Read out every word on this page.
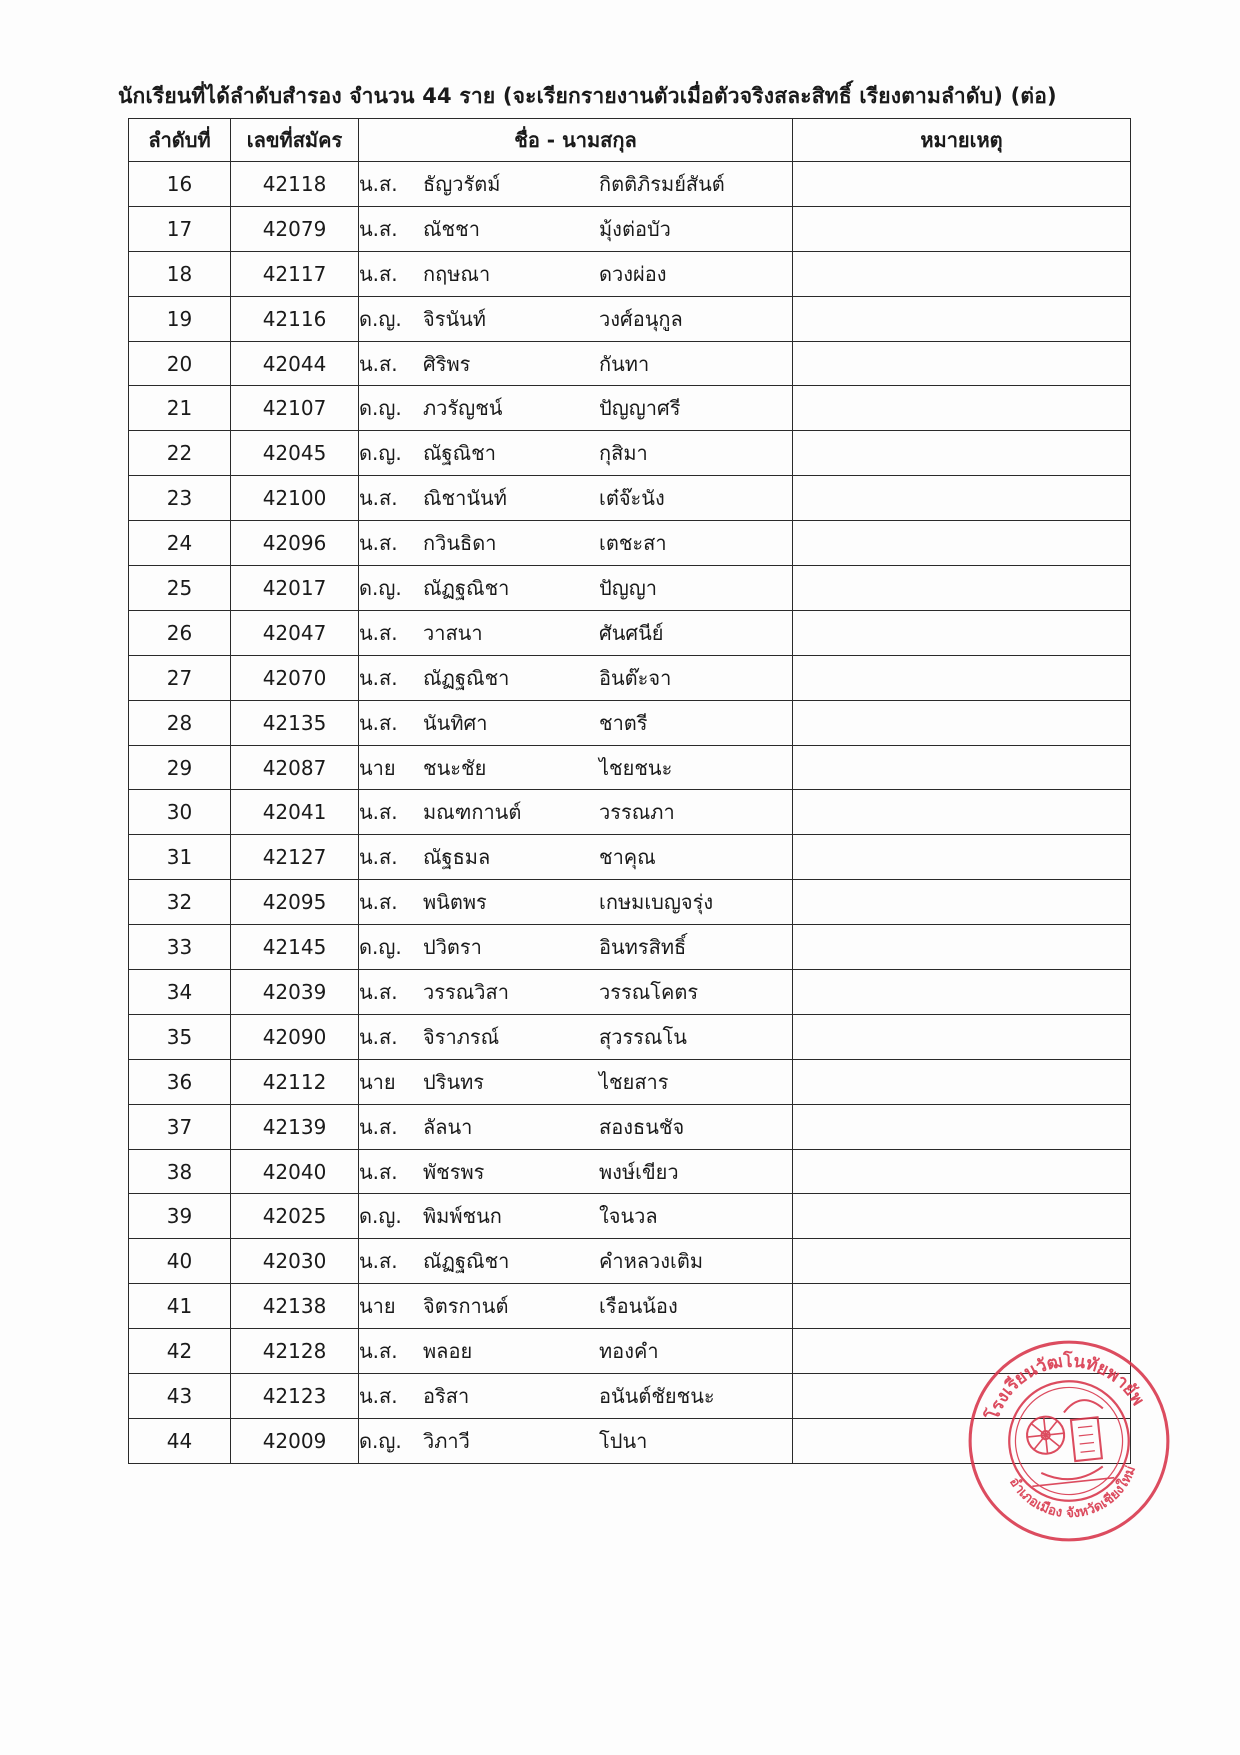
นักเรียนที่ได้ลำดับสำรอง จำนวน 44 ราย (จะเรียกรายงานตัวเมื่อตัวจริงสละสิทธิ์ เรียงตามลำดับ) (ต่อ)
ลำดับที่	เลขที่สมัคร	ชื่อ - นามสกุล	หมายเหตุ
16	42118	น.ส. ธัญวรัตม์ กิตติภิรมย์สันต์	
17	42079	น.ส. ณัชชา มุ้งต่อบัว	
18	42117	น.ส. กฤษณา ดวงผ่อง	
19	42116	ด.ญ. จิรนันท์ วงศ์อนุกูล	
20	42044	น.ส. ศิริพร กันทา	
21	42107	ด.ญ. ภวรัญชน์ ปัญญาศรี	
22	42045	ด.ญ. ณัฐณิชา กุสิมา	
23	42100	น.ส. ณิชานันท์ เต๋จ๊ะนัง	
24	42096	น.ส. กวินธิดา เตชะสา	
25	42017	ด.ญ. ณัฏฐณิชา ปัญญา	
26	42047	น.ส. วาสนา ศันศนีย์	
27	42070	น.ส. ณัฏฐณิชา อินต๊ะจา	
28	42135	น.ส. นันทิศา ชาตรี	
29	42087	นาย ชนะชัย ไชยชนะ	
30	42041	น.ส. มณฑกานต์ วรรณภา	
31	42127	น.ส. ณัฐธมล ชาคุณ	
32	42095	น.ส. พนิตพร เกษมเบญจรุ่ง	
33	42145	ด.ญ. ปวิตรา อินทรสิทธิ์	
34	42039	น.ส. วรรณวิสา วรรณโคตร	
35	42090	น.ส. จิราภรณ์ สุวรรณโน	
36	42112	นาย ปรินทร ไชยสาร	
37	42139	น.ส. ลัลนา สองธนชัจ	
38	42040	น.ส. พัชรพร พงษ์เขียว	
39	42025	ด.ญ. พิมพ์ชนก ใจนวล	
40	42030	น.ส. ณัฏฐณิชา คำหลวงเติม	
41	42138	นาย จิตรกานต์ เรือนน้อง	
42	42128	น.ส. พลอย ทองคำ	
43	42123	น.ส. อริสา อนันต์ชัยชนะ	
44	42009	ด.ญ. วิภาวี โปนา	
โรงเรียนวัฒโนทัยพายัพ
อำเภอเมือง จังหวัดเชียงใหม่
